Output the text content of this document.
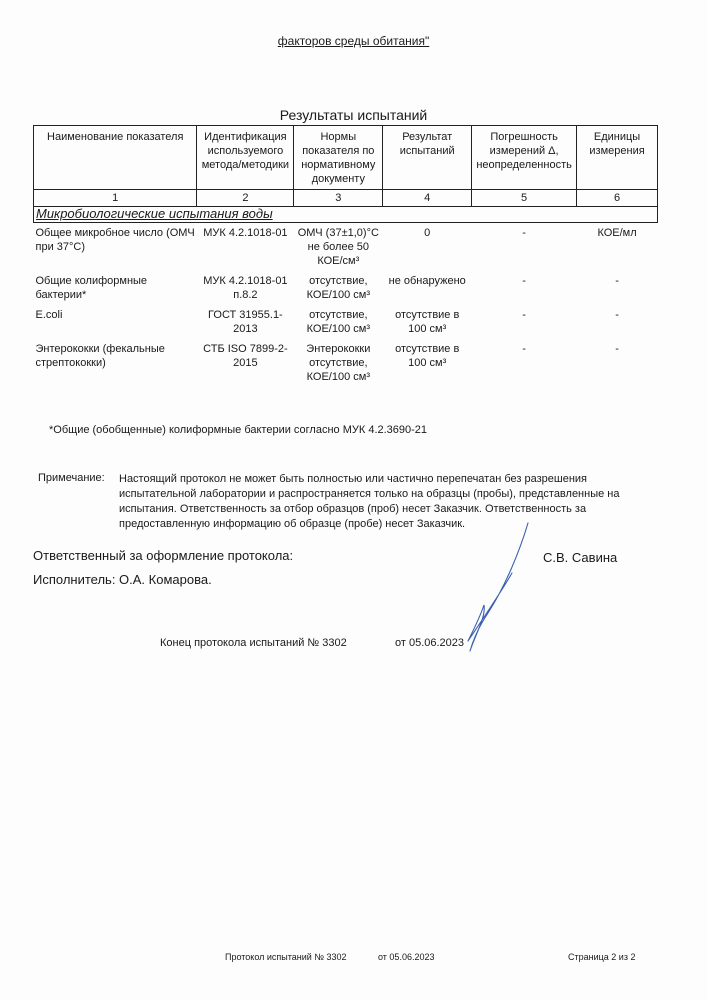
факторов среды обитания"
Результаты испытаний
Наименование показателя	Идентификация используемого метода/методики	Нормы показателя по нормативному документу	Результат испытаний	Погрешность измерений Δ, неопределенность	Единицы измерения
1	2	3	4	5	6
Микробиологические испытания воды					
Общее микробное число (ОМЧ при 37°С)	МУК 4.2.1018-01	ОМЧ (37±1,0)°С не более 50 КОЕ/см³	0	-	КОЕ/мл
Общие колиформные бактерии*	МУК 4.2.1018-01 п.8.2	отсутствие, КОЕ/100 см³	не обнаружено	-	-
E.coli	ГОСТ 31955.1-2013	отсутствие, КОЕ/100 см³	отсутствие в 100 см³	-	-
Энтерококки (фекальные стрептококки)	СТБ ISO 7899-2-2015	Энтерококки отсутствие, КОЕ/100 см³	отсутствие в 100 см³	-	-
*Общие (обобщенные) колиформные бактерии согласно МУК 4.2.3690-21
Примечание: Настоящий протокол не может быть полностью или частично перепечатан без разрешения испытательной лаборатории и распространяется только на образцы (пробы), представленные на испытания. Ответственность за отбор образцов (проб) несет Заказчик. Ответственность за предоставленную информацию об образце (пробе) несет Заказчик.
Ответственный за оформление протокола:	С.В. Савина
Исполнитель: О.А. Комарова.
Конец протокола испытаний № 3302	от 05.06.2023
Протокол испытаний № 3302	от 05.06.2023	Страница 2 из 2
